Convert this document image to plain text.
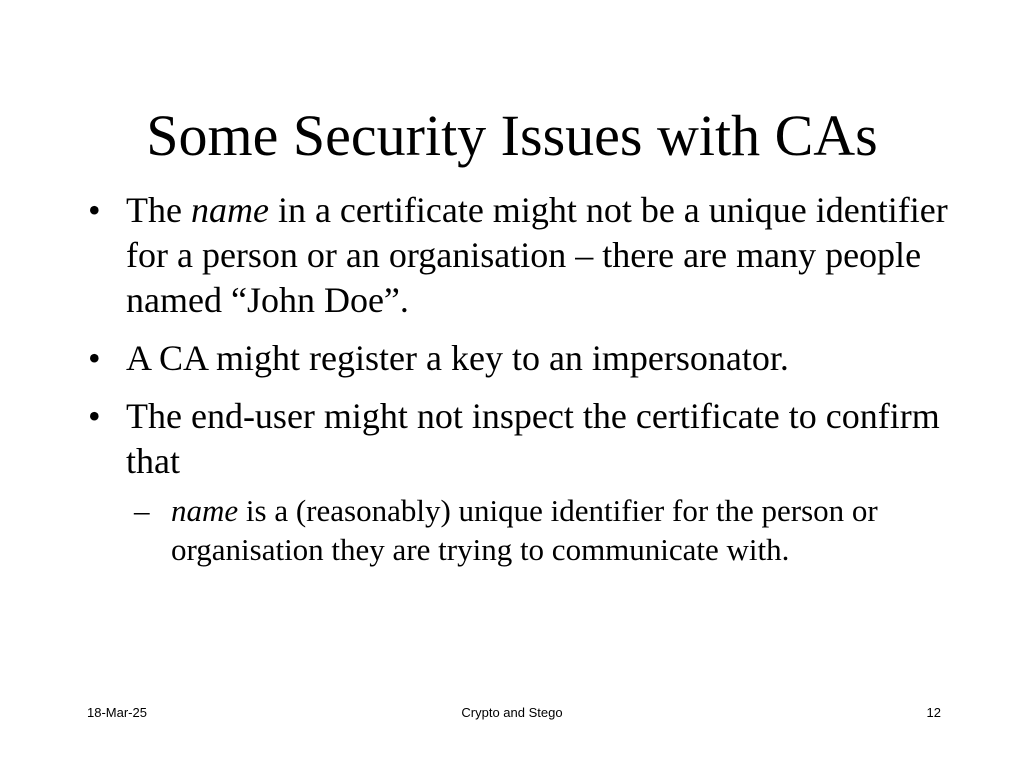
Some Security Issues with CAs
• The name in a certificate might not be a unique identifier for a person or an organisation – there are many people named “John Doe”.
• A CA might register a key to an impersonator.
• The end-user might not inspect the certificate to confirm that
– name is a (reasonably) unique identifier for the person or organisation they are trying to communicate with.
18-Mar-25	Crypto and Stego	12
